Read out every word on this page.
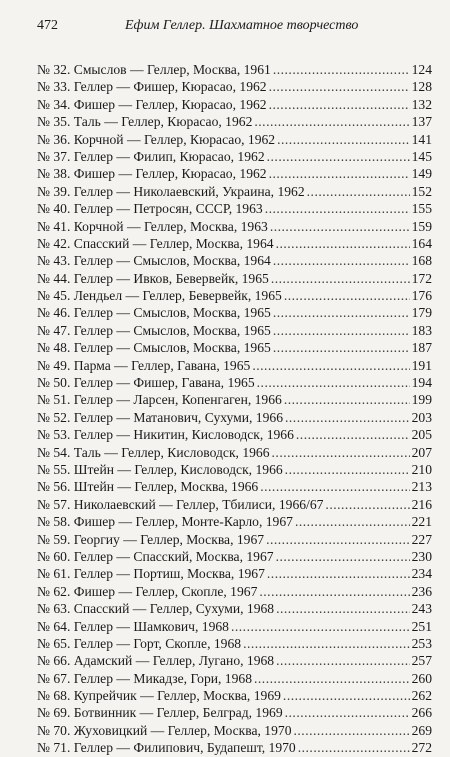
472	Ефим Геллер. Шахматное творчество
№ 32. Смыслов — Геллер, Москва, 1961 .....	124
№ 33. Геллер — Фишер, Кюрасао, 1962 .....	128
№ 34. Фишер — Геллер, Кюрасао, 1962 .....	132
№ 35. Таль — Геллер, Кюрасао, 1962 .....	137
№ 36. Корчной — Геллер, Кюрасао, 1962 .....	141
№ 37. Геллер — Филип, Кюрасао, 1962 .....	145
№ 38. Фишер — Геллер, Кюрасао, 1962 .....	149
№ 39. Геллер — Николаевский, Украина, 1962 .....	152
№ 40. Геллер — Петросян, СССР, 1963 .....	155
№ 41. Корчной — Геллер, Москва, 1963 .....	159
№ 42. Спасский — Геллер, Москва, 1964 .....	164
№ 43. Геллер — Смыслов, Москва, 1964 .....	168
№ 44. Геллер — Ивков, Бевервейк, 1965 .....	172
№ 45. Лендьел — Геллер, Бевервейк, 1965 .....	176
№ 46. Геллер — Смыслов, Москва, 1965 .....	179
№ 47. Геллер — Смыслов, Москва, 1965 .....	183
№ 48. Геллер — Смыслов, Москва, 1965 .....	187
№ 49. Парма — Геллер, Гавана, 1965 .....	191
№ 50. Геллер — Фишер, Гавана, 1965 .....	194
№ 51. Геллер — Ларсен, Копенгаген, 1966 .....	199
№ 52. Геллер — Матанович, Сухуми, 1966 .....	203
№ 53. Геллер — Никитин, Кисловодск, 1966 .....	205
№ 54. Таль — Геллер, Кисловодск, 1966 .....	207
№ 55. Штейн — Геллер, Кисловодск, 1966 .....	210
№ 56. Штейн — Геллер, Москва, 1966 .....	213
№ 57. Николаевский — Геллер, Тбилиси, 1966/67 .....	216
№ 58. Фишер — Геллер, Монте-Карло, 1967 .....	221
№ 59. Георгиу — Геллер, Москва, 1967 .....	227
№ 60. Геллер — Спасский, Москва, 1967 .....	230
№ 61. Геллер — Портиш, Москва, 1967 .....	234
№ 62. Фишер — Геллер, Скопле, 1967 .....	236
№ 63. Спасский — Геллер, Сухуми, 1968 .....	243
№ 64. Геллер — Шамкович, 1968 .....	251
№ 65. Геллер — Горт, Скопле, 1968 .....	253
№ 66. Адамский — Геллер, Лугано, 1968 .....	257
№ 67. Геллер — Микадзе, Гори, 1968 .....	260
№ 68. Купрейчик — Геллер, Москва, 1969 .....	262
№ 69. Ботвинник — Геллер, Белград, 1969 .....	266
№ 70. Жуховицкий — Геллер, Москва, 1970 .....	269
№ 71. Геллер — Филипович, Будапешт, 1970 .....	272
